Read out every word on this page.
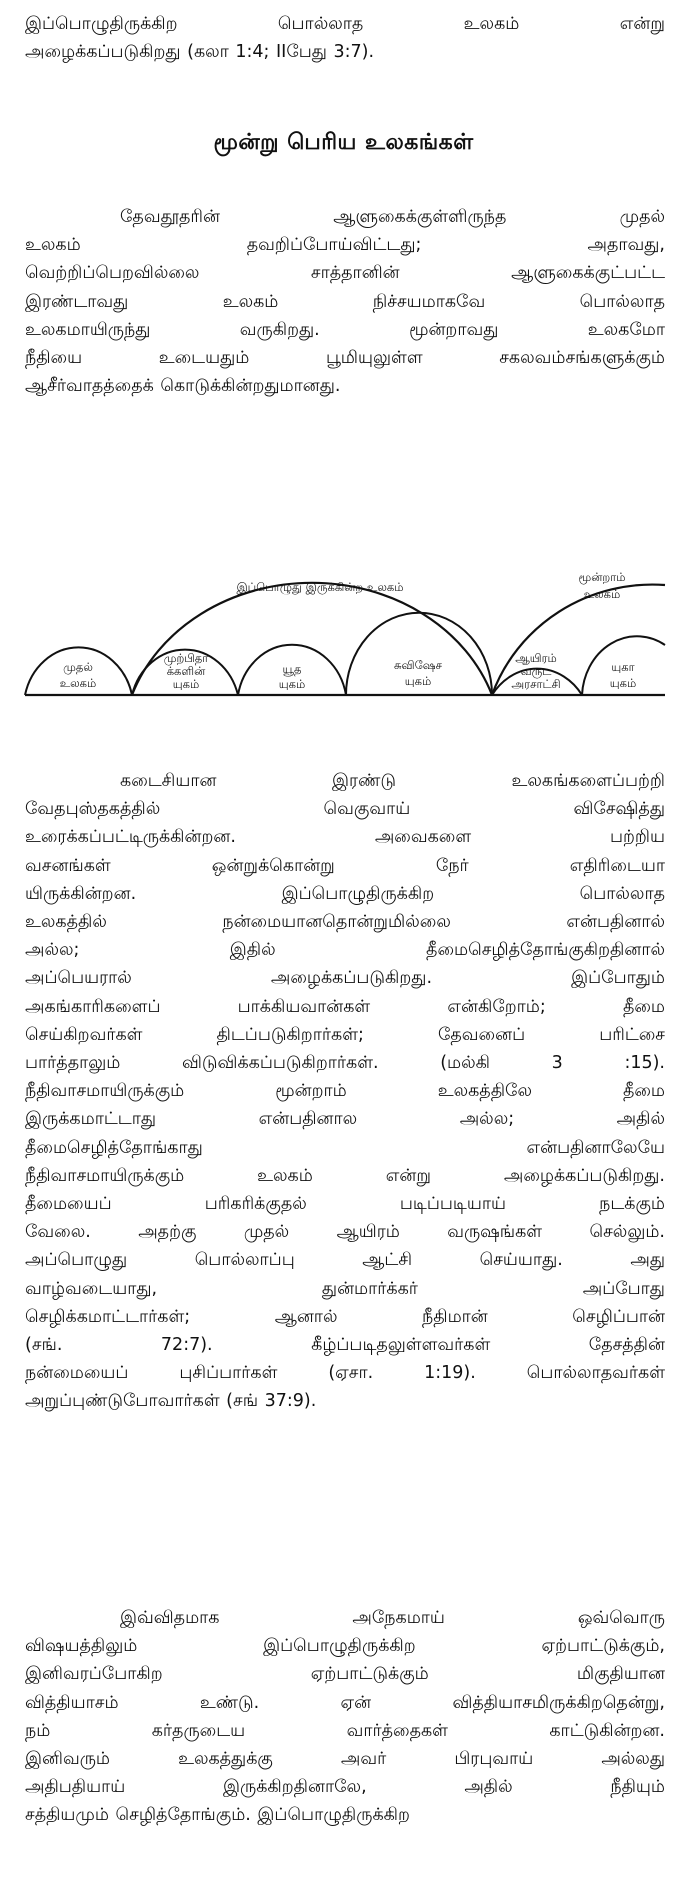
இப்பொழுதிருக்கிற பொல்லாத உலகம் என்று
அழைக்கப்படுகிறது (கலா 1:4; IIபேது 3:7).

மூன்று பெரிய உலகங்கள்

தேவதூதரின் ஆளுகைக்குள்ளிருந்த முதல்
உலகம் தவறிப்போய்விட்டது; அதாவது,
வெற்றிப்பெறவில்லை சாத்தானின் ஆளுகைக்குட்பட்ட
இரண்டாவது உலகம் நிச்சயமாகவே பொல்லாத
உலகமாயிருந்து வருகிறது. மூன்றாவது உலகமோ
நீதியை உடையதும் பூமியுலுள்ள சகலவம்சங்களுக்கும்
ஆசீர்வாதத்தைக் கொடுக்கின்றதுமானது.

இப்பொழுது இருக்கின்ற உலகம்
மூன்றாம்
உலகம்
முதல்
உலகம்
முற்பிதா
க்களின்
யுகம்
யூத
யுகம்
சுவிஷேச
யுகம்
ஆயிரம்
வருட
அரசாட்சி
யுகா
யுகம்

கடைசியான இரண்டு உலகங்களைப்பற்றி
வேதபுஸ்தகத்தில் வெகுவாய் விசேஷித்து
உரைக்கப்பட்டிருக்கின்றன. அவைகளை பற்றிய
வசனங்கள் ஒன்றுக்கொன்று நேர் எதிரிடையா
யிருக்கின்றன. இப்பொழுதிருக்கிற பொல்லாத
உலகத்தில் நன்மையானதொன்றுமில்லை என்பதினால்
அல்ல; இதில் தீமைசெழித்தோங்குகிறதினால்
அப்பெயரால் அழைக்கப்படுகிறது. இப்போதும்
அகங்காரிகளைப் பாக்கியவான்கள் என்கிறோம்; தீமை
செய்கிறவர்கள் திடப்படுகிறார்கள்; தேவனைப் பரிட்சை
பார்த்தாலும் விடுவிக்கப்படுகிறார்கள். (மல்கி 3 :15).
நீதிவாசமாயிருக்கும் மூன்றாம் உலகத்திலே தீமை
இருக்கமாட்டாது என்பதினால அல்ல; அதில்
தீமைசெழித்தோங்காது என்பதினாலேயே
நீதிவாசமாயிருக்கும் உலகம் என்று அழைக்கப்படுகிறது.
தீமையைப் பரிகரிக்குதல் படிப்படியாய் நடக்கும்
வேலை. அதற்கு முதல் ஆயிரம் வருஷங்கள் செல்லும்.
அப்பொழுது பொல்லாப்பு ஆட்சி செய்யாது. அது
வாழ்வடையாது, துன்மார்க்கர் அப்போது
செழிக்கமாட்டார்கள்; ஆனால் நீதிமான் செழிப்பான்
(சங். 72:7). கீழ்ப்படிதலுள்ளவர்கள் தேசத்தின்
நன்மையைப் புசிப்பார்கள் (ஏசா. 1:19). பொல்லாதவர்கள்
அறுப்புண்டுபோவார்கள் (சங் 37:9).

இவ்விதமாக அநேகமாய் ஒவ்வொரு
விஷயத்திலும் இப்பொழுதிருக்கிற ஏற்பாட்டுக்கும்,
இனிவரப்போகிற ஏற்பாட்டுக்கும் மிகுதியான
வித்தியாசம் உண்டு. ஏன் வித்தியாசமிருக்கிறதென்று,
நம் கர்தருடைய வார்த்தைகள் காட்டுகின்றன.
இனிவரும் உலகத்துக்கு அவர் பிரபுவாய் அல்லது
அதிபதியாய் இருக்கிறதினாலே, அதில் நீதியும்
சத்தியமும் செழித்தோங்கும். இப்பொழுதிருக்கிற
